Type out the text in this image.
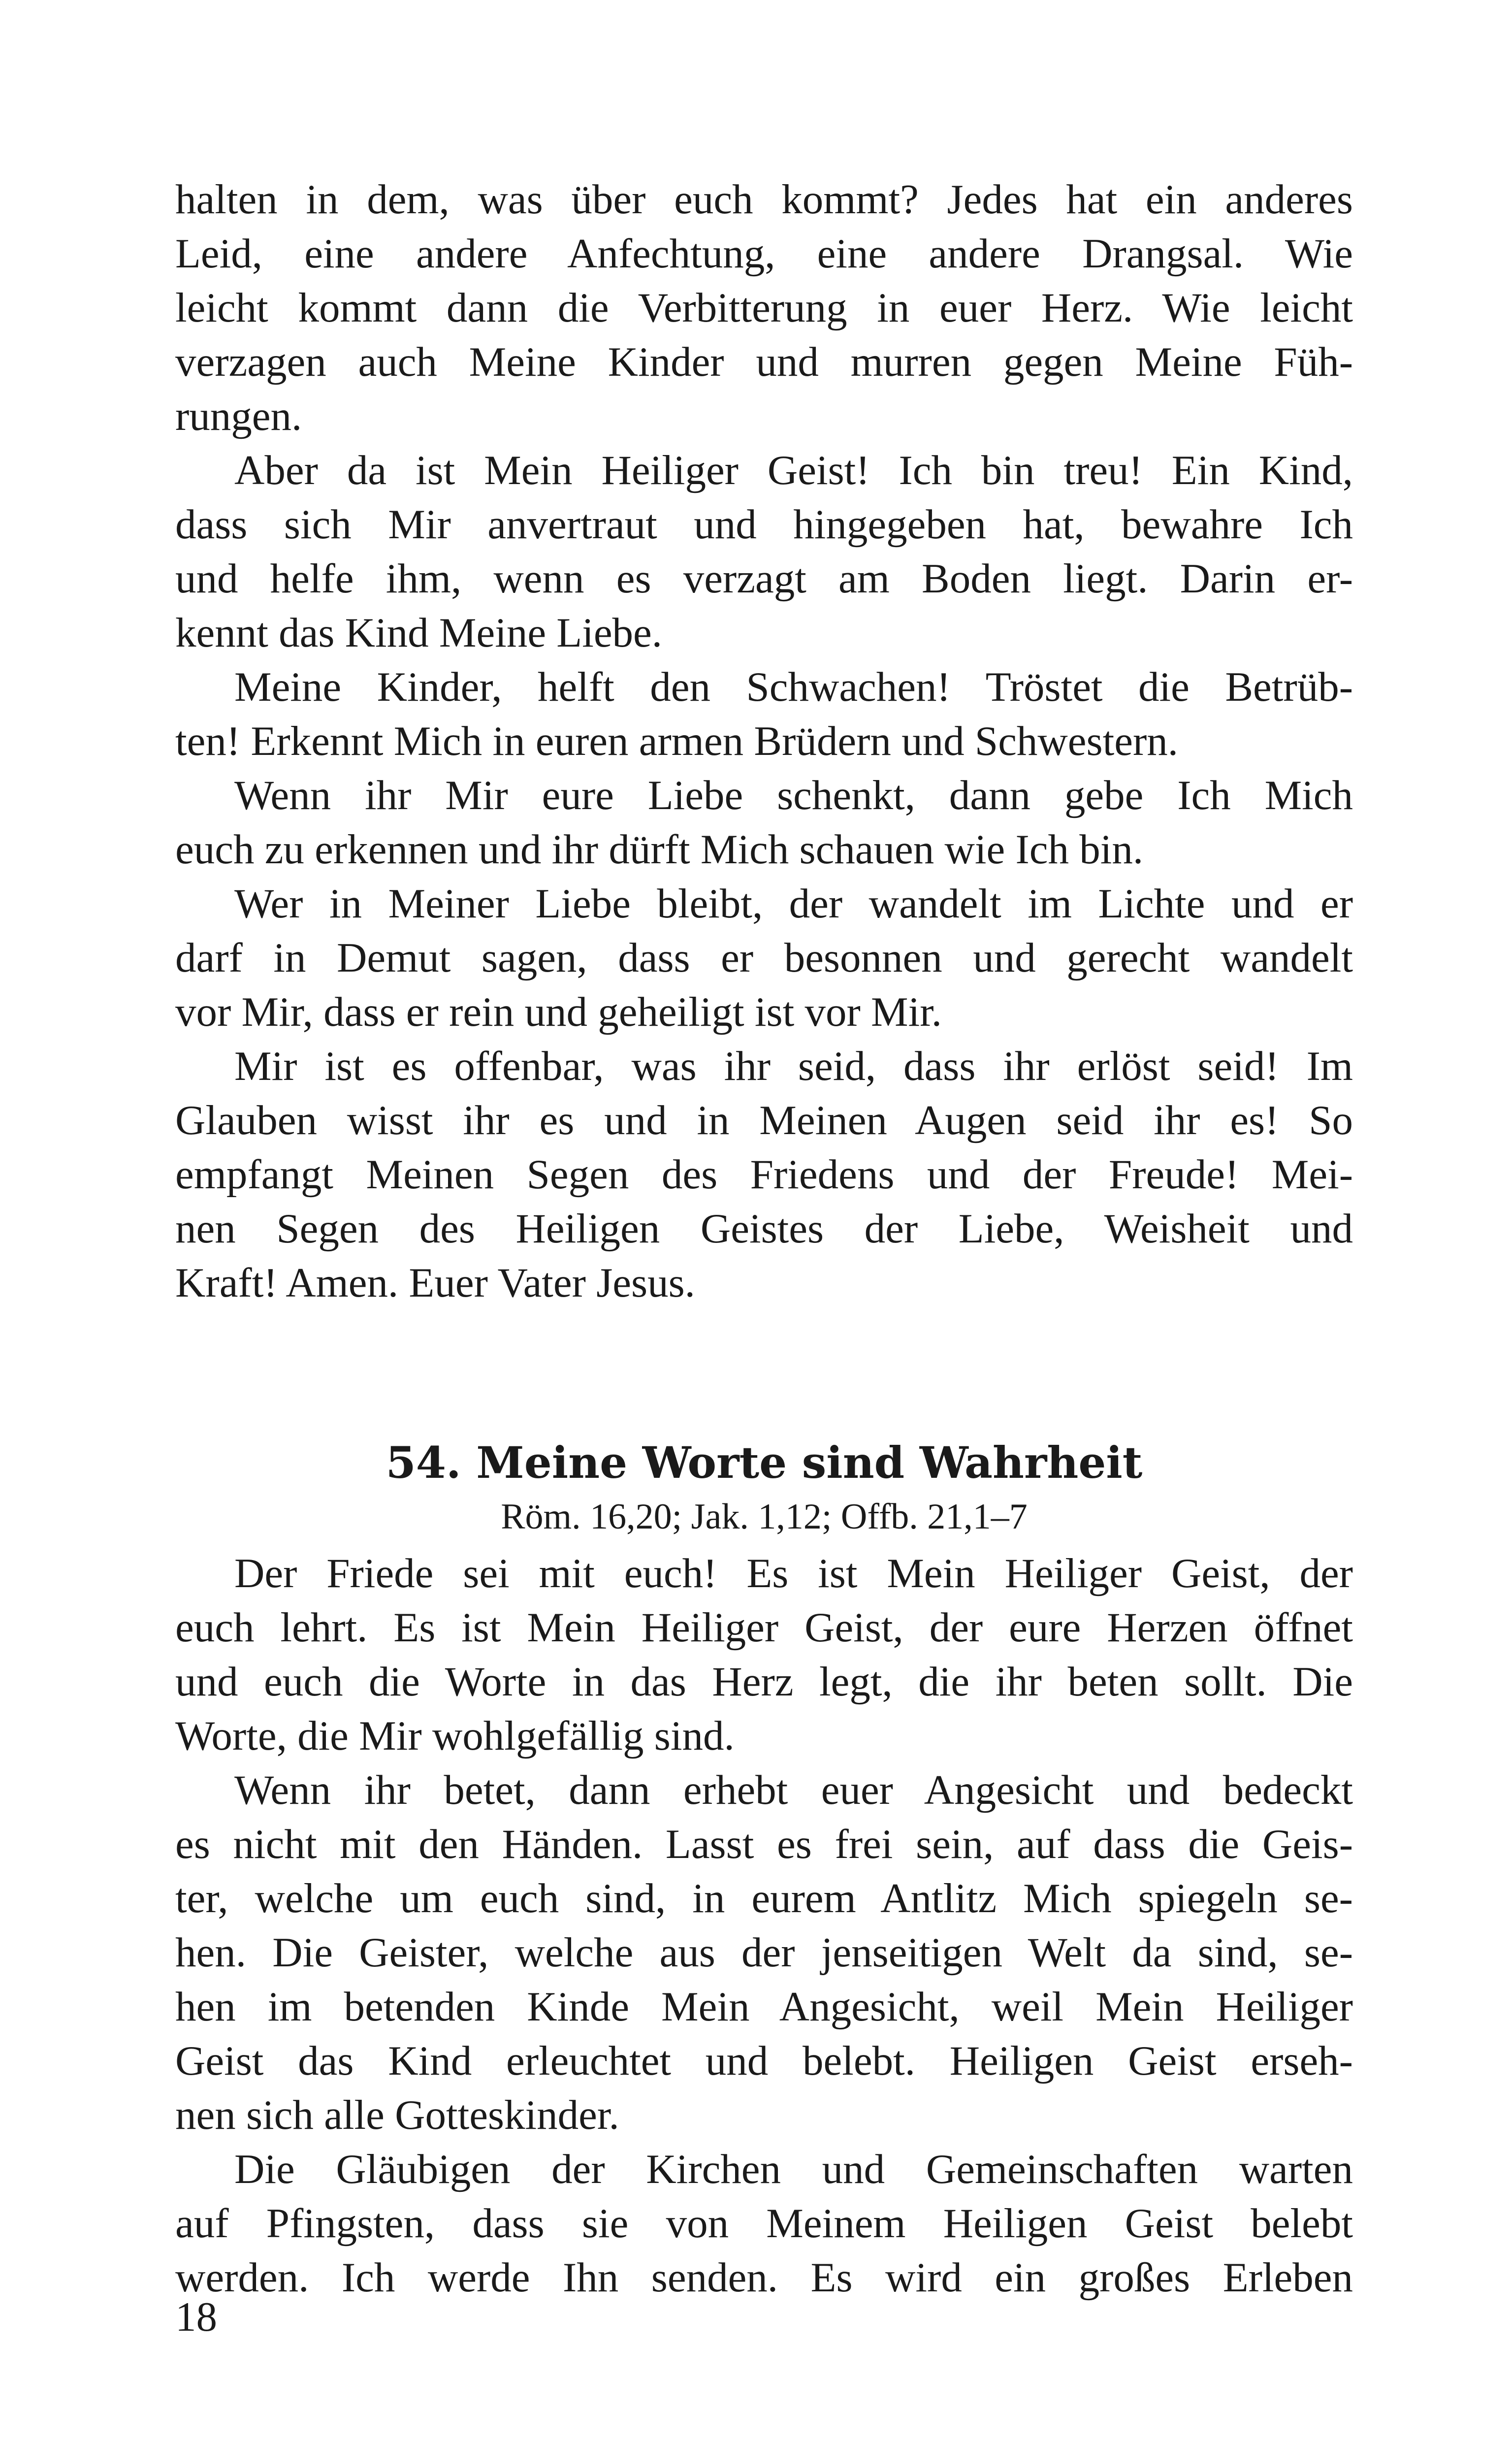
halten in dem, was über euch kommt? Jedes hat ein anderes
Leid, eine andere Anfechtung, eine andere Drangsal. Wie
leicht kommt dann die Verbitterung in euer Herz. Wie leicht
verzagen auch Meine Kinder und murren gegen Meine Füh-
rungen.
Aber da ist Mein Heiliger Geist! Ich bin treu! Ein Kind,
dass sich Mir anvertraut und hingegeben hat, bewahre Ich
und helfe ihm, wenn es verzagt am Boden liegt. Darin er-
kennt das Kind Meine Liebe.
Meine Kinder, helft den Schwachen! Tröstet die Betrüb-
ten! Erkennt Mich in euren armen Brüdern und Schwestern.
Wenn ihr Mir eure Liebe schenkt, dann gebe Ich Mich
euch zu erkennen und ihr dürft Mich schauen wie Ich bin.
Wer in Meiner Liebe bleibt, der wandelt im Lichte und er
darf in Demut sagen, dass er besonnen und gerecht wandelt
vor Mir, dass er rein und geheiligt ist vor Mir.
Mir ist es offenbar, was ihr seid, dass ihr erlöst seid! Im
Glauben wisst ihr es und in Meinen Augen seid ihr es! So
empfangt Meinen Segen des Friedens und der Freude! Mei-
nen Segen des Heiligen Geistes der Liebe, Weisheit und
Kraft! Amen. Euer Vater Jesus.
54. Meine Worte sind Wahrheit
Röm. 16,20; Jak. 1,12; Offb. 21,1–7
Der Friede sei mit euch! Es ist Mein Heiliger Geist, der
euch lehrt. Es ist Mein Heiliger Geist, der eure Herzen öffnet
und euch die Worte in das Herz legt, die ihr beten sollt. Die
Worte, die Mir wohlgefällig sind.
Wenn ihr betet, dann erhebt euer Angesicht und bedeckt
es nicht mit den Händen. Lasst es frei sein, auf dass die Geis-
ter, welche um euch sind, in eurem Antlitz Mich spiegeln se-
hen. Die Geister, welche aus der jenseitigen Welt da sind, se-
hen im betenden Kinde Mein Angesicht, weil Mein Heiliger
Geist das Kind erleuchtet und belebt. Heiligen Geist erseh-
nen sich alle Gotteskinder.
Die Gläubigen der Kirchen und Gemeinschaften warten
auf Pfingsten, dass sie von Meinem Heiligen Geist belebt
werden. Ich werde Ihn senden. Es wird ein großes Erleben
18
